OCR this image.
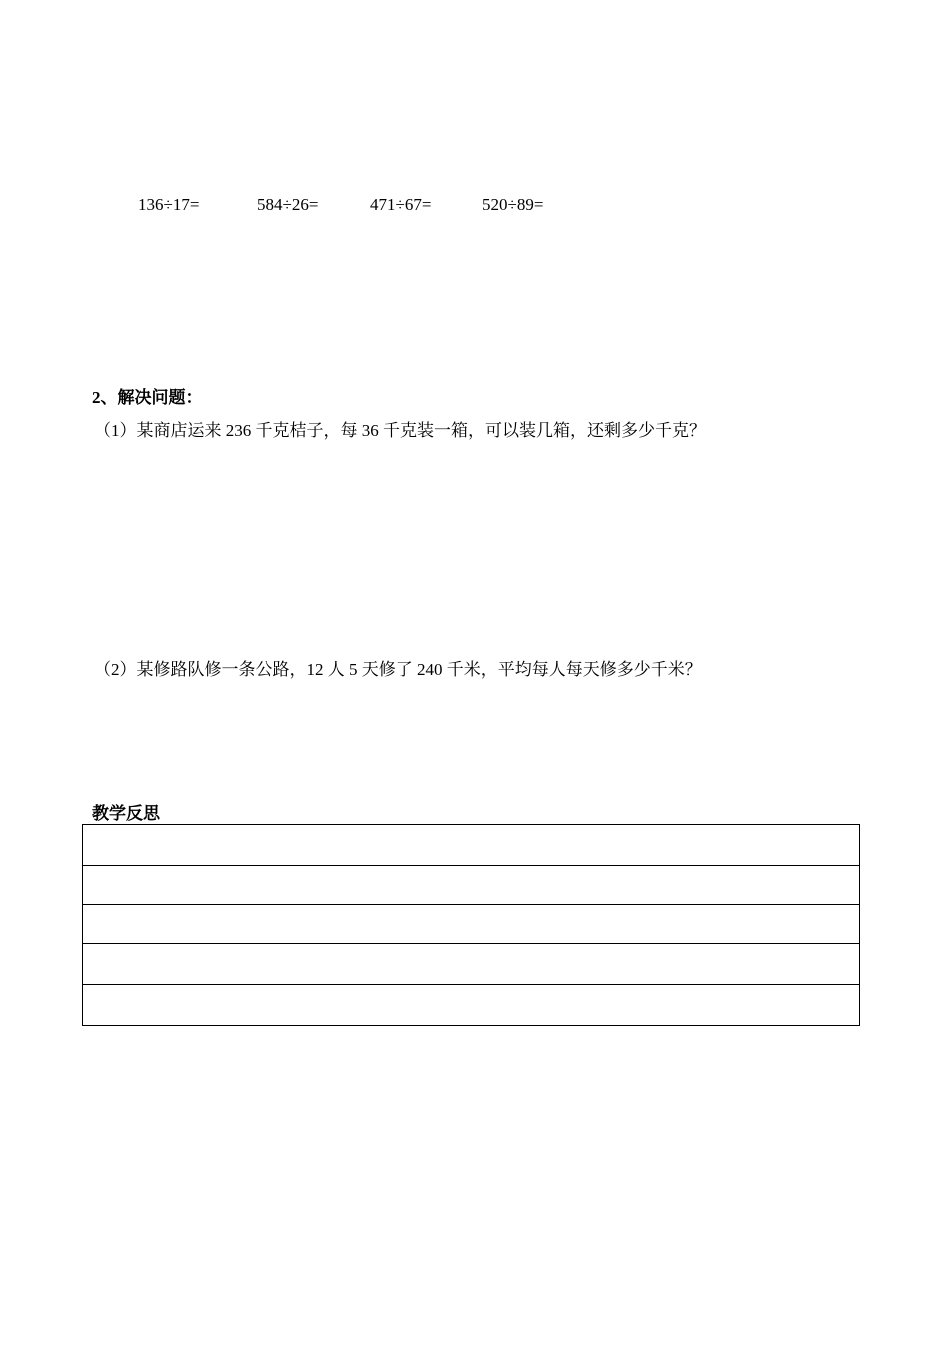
136÷17=	584÷26=	471÷67=	520÷89=
2、解决问题：
（1）某商店运来 236 千克桔子，每 36 千克装一箱，可以装几箱，还剩多少千克？
（2）某修路队修一条公路，12 人 5 天修了 240 千米，平均每人每天修多少千米？
教学反思
